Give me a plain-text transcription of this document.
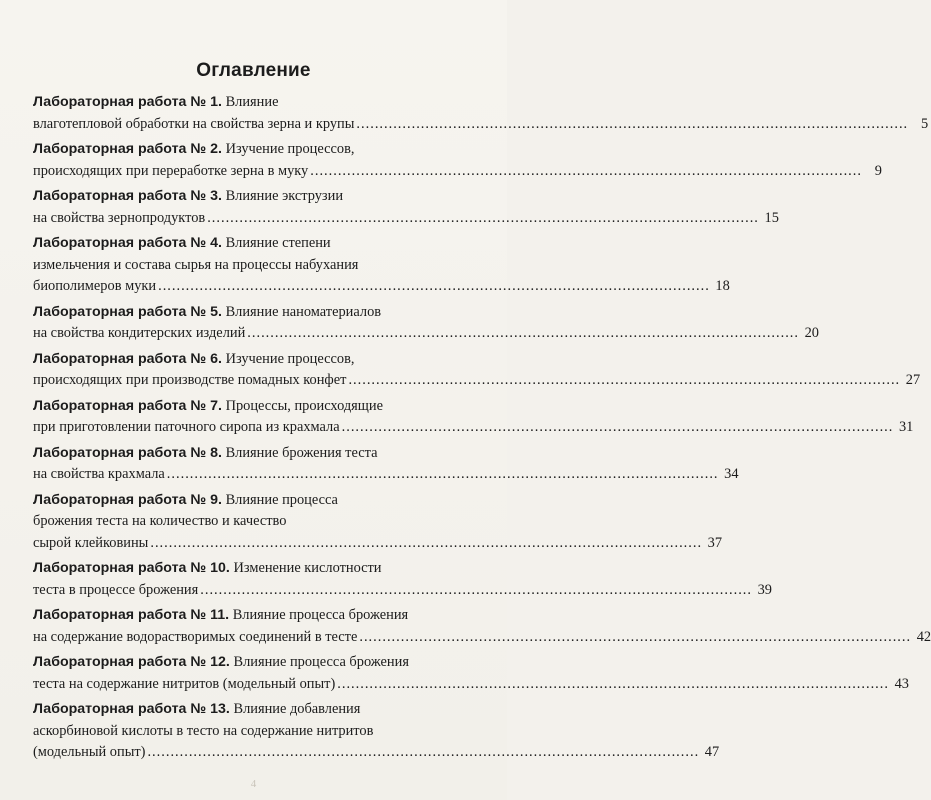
Оглавление
Лабораторная работа № 1. Влияние
влаготепловой обработки на свойства зерна и крупы ........................................................................................................................ 5
Лабораторная работа № 2. Изучение процессов,
происходящих при переработке зерна в муку ........................................................................................................................ 9
Лабораторная работа № 3. Влияние экструзии
на свойства зернопродуктов ........................................................................................................................ 15
Лабораторная работа № 4. Влияние степени
измельчения и состава сырья на процессы набухания
биополимеров муки ........................................................................................................................ 18
Лабораторная работа № 5. Влияние наноматериалов
на свойства кондитерских изделий ........................................................................................................................ 20
Лабораторная работа № 6. Изучение процессов,
происходящих при производстве помадных конфет ........................................................................................................................ 27
Лабораторная работа № 7. Процессы, происходящие
при приготовлении паточного сиропа из крахмала ........................................................................................................................ 31
Лабораторная работа № 8. Влияние брожения теста
на свойства крахмала ........................................................................................................................ 34
Лабораторная работа № 9. Влияние процесса
брожения теста на количество и качество
сырой клейковины ........................................................................................................................ 37
Лабораторная работа № 10. Изменение кислотности
теста в процессе брожения ........................................................................................................................ 39
Лабораторная работа № 11. Влияние процесса брожения
на содержание водорастворимых соединений в тесте ........................................................................................................................ 42
Лабораторная работа № 12. Влияние процесса брожения
теста на содержание нитритов (модельный опыт) ........................................................................................................................ 43
Лабораторная работа № 13. Влияние добавления
аскорбиновой кислоты в тесто на содержание нитритов
(модельный опыт) ........................................................................................................................ 47
4
